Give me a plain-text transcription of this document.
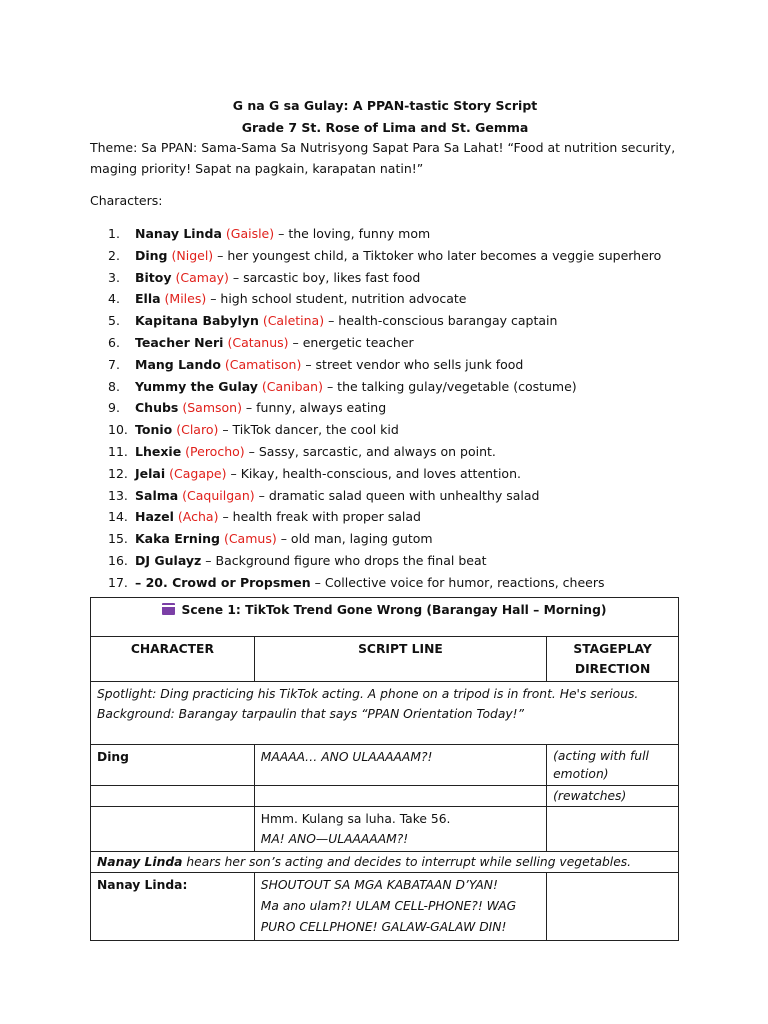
G na G sa Gulay: A PPAN-tastic Story Script
Grade 7 St. Rose of Lima and St. Gemma
Theme: Sa PPAN: Sama-Sama Sa Nutrisyong Sapat Para Sa Lahat! “Food at nutrition security,
maging priority! Sapat na pagkain, karapatan natin!”
Characters:
1. Nanay Linda (Gaisle) – the loving, funny mom
2. Ding (Nigel) – her youngest child, a Tiktoker who later becomes a veggie superhero
3. Bitoy (Camay) – sarcastic boy, likes fast food
4. Ella (Miles) – high school student, nutrition advocate
5. Kapitana Babylyn (Caletina) – health-conscious barangay captain
6. Teacher Neri (Catanus) – energetic teacher
7. Mang Lando (Camatison) – street vendor who sells junk food
8. Yummy the Gulay (Caniban) – the talking gulay/vegetable (costume)
9. Chubs (Samson) – funny, always eating
10. Tonio (Claro) – TikTok dancer, the cool kid
11. Lhexie (Perocho) – Sassy, sarcastic, and always on point.
12. Jelai (Cagape) – Kikay, health-conscious, and loves attention.
13. Salma (Caquilgan) – dramatic salad queen with unhealthy salad
14. Hazel (Acha) – health freak with proper salad
15. Kaka Erning (Camus) – old man, laging gutom
16. DJ Gulayz – Background figure who drops the final beat
17. – 20. Crowd or Propsmen – Collective voice for humor, reactions, cheers
Scene 1: TikTok Trend Gone Wrong (Barangay Hall – Morning)		
CHARACTER	SCRIPT LINE	STAGEPLAY
DIRECTION

Spotlight: Ding practicing his TikTok acting. A phone on a tripod is in front. He's serious.
Background: Barangay tarpaulin that says “PPAN Orientation Today!”		

Ding	MAAAA… ANO ULAAAAAM?!	(acting with full emotion)
		(rewatches)

	Hmm. Kulang sa luha. Take 56.
MA! ANO—ULAAAAAM?!	

Nanay Linda hears her son’s acting and decides to interrupt while selling vegetables.		
Nanay Linda:	SHOUTOUT SA MGA KABATAAN D’YAN!
Ma ano ulam?! ULAM CELL-PHONE?! WAG
PURO CELLPHONE! GALAW-GALAW DIN!	
